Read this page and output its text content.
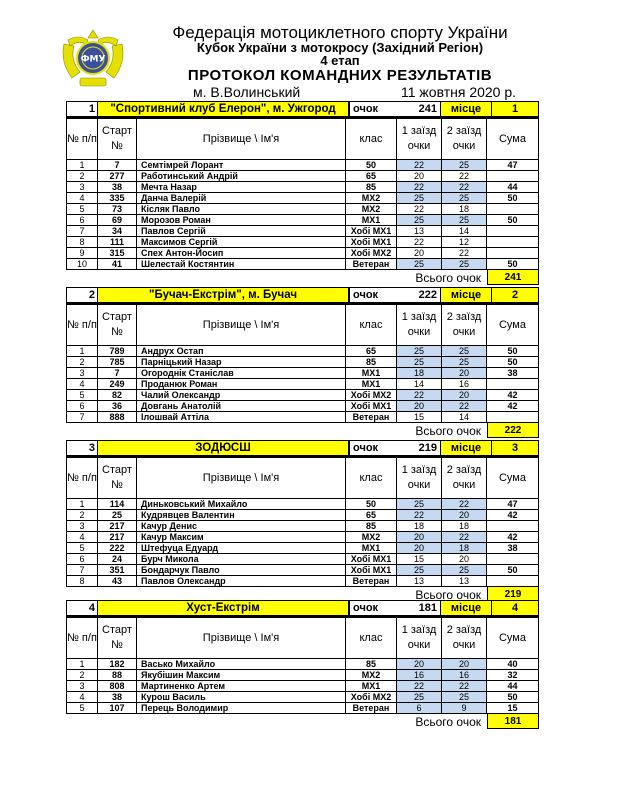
ФМУ
Федерація мотоциклетного спорту України
Кубок України з мотокросу (Західний Регіон)
4 етап
ПРОТОКОЛ КОМАНДНИХ РЕЗУЛЬТАТІВ
м. В.Волинський	11 жовтня 2020 р.
1	"Спортивний клуб Елерон", м. Ужгород	очок	241	місце	1
№ п/п	Старт №	Прізвище \ Ім'я	клас	1 заїзд очки	2 заїзд очки	Сума
1	7	Семтімрей Лорант	50	22	25	47
2	277	Работинський Андрій	65	20	22	
3	38	Мечта Назар	85	22	22	44
4	335	Данча Валерій	MX2	25	25	50
5	73	Кісляк Павло	MX2	22	18	
6	69	Морозов Роман	MX1	25	25	50
7	34	Павлов Сергій	Хобі MX1	13	14	
8	111	Максимов Сергій	Хобі MX1	22	12	
9	315	Спех Антон-Йосип	Хобі MX2	20	22	
10	41	Шелестай Костянтин	Ветеран	25	25	50
Всього очок	241
2	"Бучач-Екстрім", м. Бучач	очок	222	місце	2
№ п/п	Старт №	Прізвище \ Ім'я	клас	1 заїзд очки	2 заїзд очки	Сума
1	789	Андрух Остап	65	25	25	50
2	785	Парніцький Назар	85	25	25	50
3	7	Огороднік Станіслав	MX1	18	20	38
4	249	Проданюк Роман	MX1	14	16	
5	82	Чалий Олександр	Хобі MX2	22	20	42
6	36	Довгань Анатолій	Хобі MX1	20	22	42
7	888	Ілошвай Аттіла	Ветеран	15	14	
Всього очок	222
3	ЗОДЮСШ	очок	219	місце	3
№ п/п	Старт №	Прізвище \ Ім'я	клас	1 заїзд очки	2 заїзд очки	Сума
1	114	Диньковський Михайло	50	25	22	47
2	25	Кудрявцев Валентин	65	22	20	42
3	217	Качур Денис	85	18	18	
4	217	Качур Максим	MX2	20	22	42
5	222	Штефуца Едуард	MX1	20	18	38
6	24	Бурч Микола	Хобі MX1	15	20	
7	351	Бондарчук Павло	Хобі MX1	25	25	50
8	43	Павлов Олександр	Ветеран	13	13	
Всього очок	219
4	Хуст-Екстрім	очок	181	місце	4
№ п/п	Старт №	Прізвище \ Ім'я	клас	1 заїзд очки	2 заїзд очки	Сума
1	182	Васько Михайло	85	20	20	40
2	88	Якубішин Максим	MX2	16	16	32
3	808	Мартиненко Артем	MX1	22	22	44
4	38	Курош Василь	Хобі MX2	25	25	50
5	107	Перець Володимир	Ветеран	6	9	15
Всього очок	181
